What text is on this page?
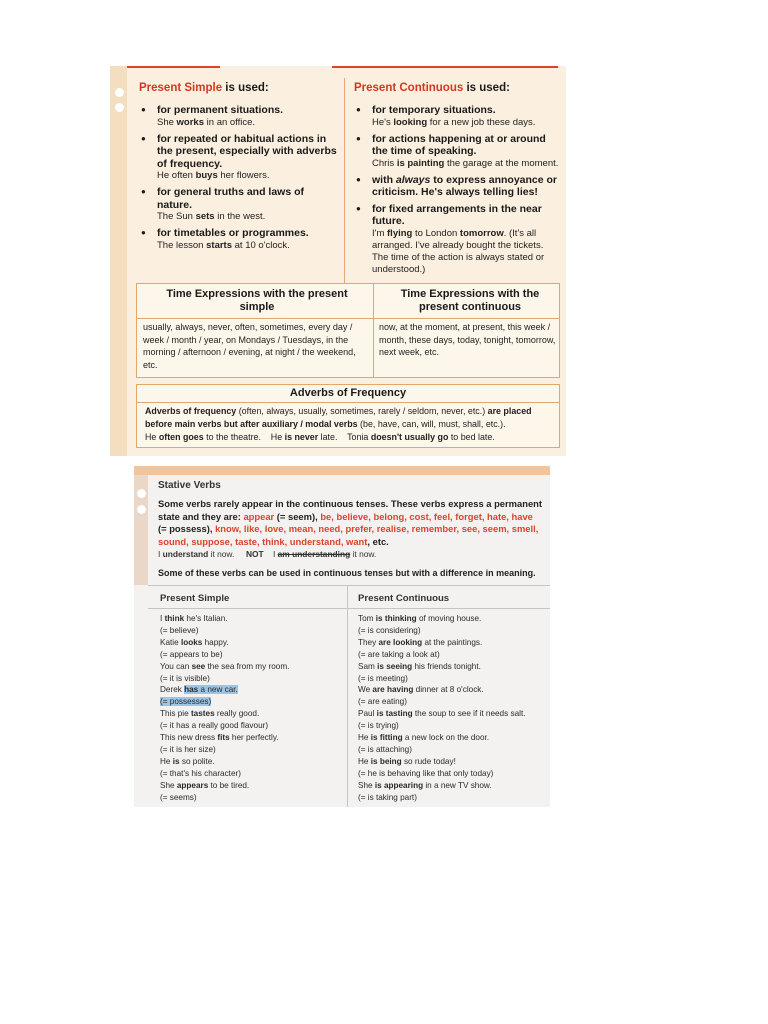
Present Simple is used:
● for permanent situations.
She works in an office.
● for repeated or habitual actions in the present, especially with adverbs of frequency.
He often buys her flowers.
● for general truths and laws of nature.
The Sun sets in the west.
● for timetables or programmes.
The lesson starts at 10 o'clock.
Present Continuous is used:
● for temporary situations.
He's looking for a new job these days.
● for actions happening at or around the time of speaking.
Chris is painting the garage at the moment.
● with always to express annoyance or criticism. He's always telling lies!
● for fixed arrangements in the near future.
I'm flying to London tomorrow. (It's all arranged. I've already bought the tickets. The time of the action is always stated or understood.)
Time Expressions with the present simple
Time Expressions with the present continuous
usually, always, never, often, sometimes, every day / week / month / year, on Mondays / Tuesdays, in the morning / afternoon / evening, at night / the weekend, etc.
now, at the moment, at present, this week / month, these days, today, tonight, tomorrow, next week, etc.
Adverbs of Frequency
Adverbs of frequency (often, always, usually, sometimes, rarely / seldom, never, etc.) are placed
before main verbs but after auxiliary / modal verbs (be, have, can, will, must, shall, etc.).
He often goes to the theatre. He is never late. Tonia doesn't usually go to bed late.
Stative Verbs
Some verbs rarely appear in the continuous tenses. These verbs express a permanent state and they are: appear (= seem), be, believe, belong, cost, feel, forget, hate, have (= possess), know, like, love, mean, need, prefer, realise, remember, see, seem, smell, sound, suppose, taste, think, understand, want, etc.
I understand it now. NOT I am understanding it now.
Some of these verbs can be used in continuous tenses but with a difference in meaning.
Present Simple	Present Continuous
I think he's Italian.
(= believe)
Katie looks happy.
(= appears to be)
You can see the sea from my room.
(= it is visible)
Derek has a new car.
(= possesses)
This pie tastes really good.
(= it has a really good flavour)
This new dress fits her perfectly.
(= it is her size)
He is so polite.
(= that's his character)
She appears to be tired.
(= seems)
Tom is thinking of moving house.
(= is considering)
They are looking at the paintings.
(= are taking a look at)
Sam is seeing his friends tonight.
(= is meeting)
We are having dinner at 8 o'clock.
(= are eating)
Paul is tasting the soup to see if it needs salt.
(= is trying)
He is fitting a new lock on the door.
(= is attaching)
He is being so rude today!
(= he is behaving like that only today)
She is appearing in a new TV show.
(= is taking part)
